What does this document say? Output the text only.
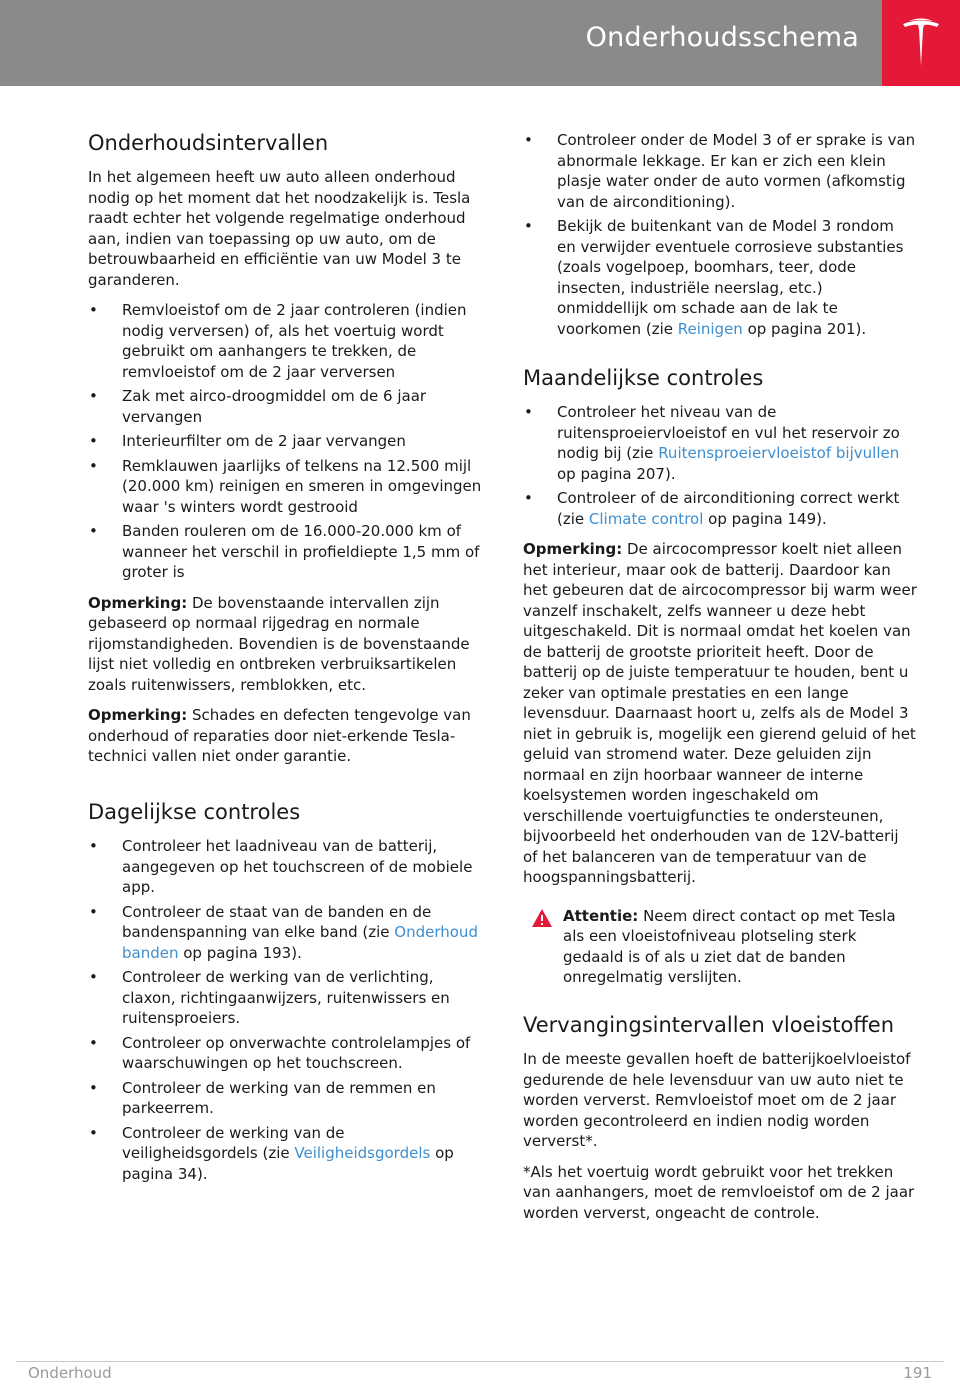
Onderhoudsschema
Onderhoudsintervallen

In het algemeen heeft uw auto alleen onderhoud nodig op het moment dat het noodzakelijk is. Tesla raadt echter het volgende regelmatige onderhoud aan, indien van toepassing op uw auto, om de betrouwbaarheid en efficiëntie van uw Model 3 te garanderen.

• Remvloeistof om de 2 jaar controleren (indien nodig verversen) of, als het voertuig wordt gebruikt om aanhangers te trekken, de remvloeistof om de 2 jaar verversen
• Zak met airco-droogmiddel om de 6 jaar vervangen
• Interieurfilter om de 2 jaar vervangen
• Remklauwen jaarlijks of telkens na 12.500 mijl (20.000 km) reinigen en smeren in omgevingen waar 's winters wordt gestrooid
• Banden rouleren om de 16.000-20.000 km of wanneer het verschil in profieldiepte 1,5 mm of groter is

Opmerking: De bovenstaande intervallen zijn gebaseerd op normaal rijgedrag en normale rijomstandigheden. Bovendien is de bovenstaande lijst niet volledig en ontbreken verbruiksartikelen zoals ruitenwissers, remblokken, etc.

Opmerking: Schades en defecten tengevolge van onderhoud of reparaties door niet-erkende Tesla-technici vallen niet onder garantie.

Dagelijkse controles
• Controleer het laadniveau van de batterij, aangegeven op het touchscreen of de mobiele app.
• Controleer de staat van de banden en de bandenspanning van elke band (zie Onderhoud banden op pagina 193).
• Controleer de werking van de verlichting, claxon, richtingaanwijzers, ruitenwissers en ruitensproeiers.
• Controleer op onverwachte controlelampjes of waarschuwingen op het touchscreen.
• Controleer de werking van de remmen en parkeerrem.
• Controleer de werking van de veiligheidsgordels (zie Veiligheidsgordels op pagina 34).
• Controleer onder de Model 3 of er sprake is van abnormale lekkage. Er kan er zich een klein plasje water onder de auto vormen (afkomstig van de airconditioning).
• Bekijk de buitenkant van de Model 3 rondom en verwijder eventuele corrosieve substanties (zoals vogelpoep, boomhars, teer, dode insecten, industriële neerslag, etc.) onmiddellijk om schade aan de lak te voorkomen (zie Reinigen op pagina 201).
Maandelijkse controles
• Controleer het niveau van de ruitensproeiervloeistof en vul het reservoir zo nodig bij (zie Ruitensproeiervloeistof bijvullen op pagina 207).
• Controleer of de airconditioning correct werkt (zie Climate control op pagina 149).

Opmerking: De aircocompressor koelt niet alleen het interieur, maar ook de batterij. Daardoor kan het gebeuren dat de aircocompressor bij warm weer vanzelf inschakelt, zelfs wanneer u deze hebt uitgeschakeld. Dit is normaal omdat het koelen van de batterij de grootste prioriteit heeft. Door de batterij op de juiste temperatuur te houden, bent u zeker van optimale prestaties en een lange levensduur. Daarnaast hoort u, zelfs als de Model 3 niet in gebruik is, mogelijk een gierend geluid of het geluid van stromend water. Deze geluiden zijn normaal en zijn hoorbaar wanneer de interne koelsystemen worden ingeschakeld om verschillende voertuigfuncties te ondersteunen, bijvoorbeeld het onderhouden van de 12V-batterij of het balanceren van de temperatuur van de hoogspanningsbatterij.

Attentie: Neem direct contact op met Tesla als een vloeistofniveau plotseling sterk gedaald is of als u ziet dat de banden onregelmatig verslijten.

Vervangingsintervallen vloeistoffen

In de meeste gevallen hoeft de batterijkoelvloeistof gedurende de hele levensduur van uw auto niet te worden ververst. Remvloeistof moet om de 2 jaar worden gecontroleerd en indien nodig worden ververst*.

*Als het voertuig wordt gebruikt voor het trekken van aanhangers, moet de remvloeistof om de 2 jaar worden ververst, ongeacht de controle.

Onderhoud	191
